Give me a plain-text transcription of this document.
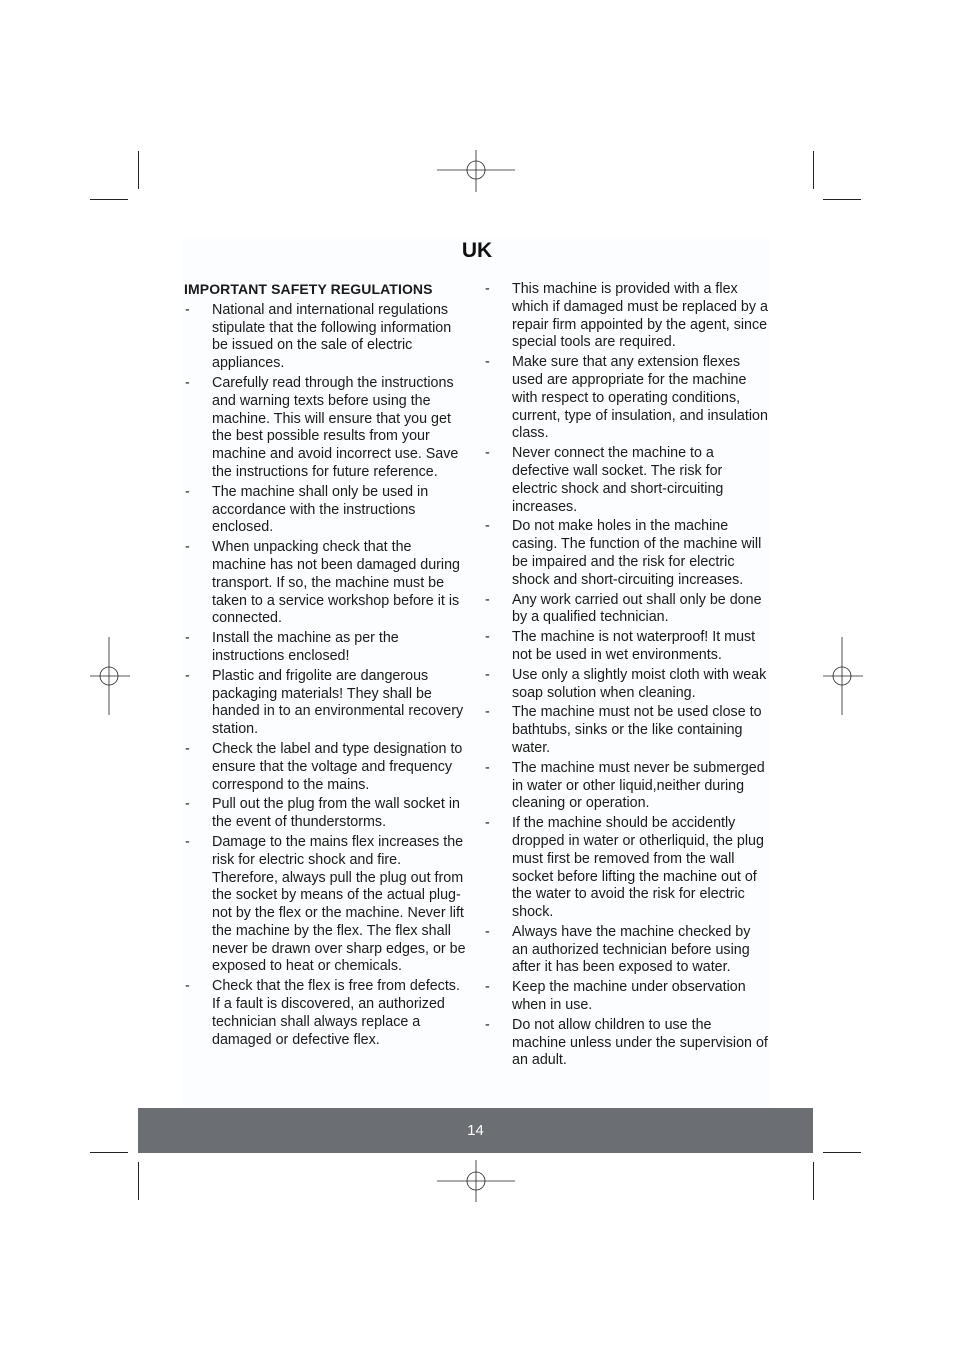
UK
IMPORTANT SAFETY REGULATIONS
- National and international regulations stipulate that the following information be issued on the sale of electric appliances.
- Carefully read through the instructions and warning texts before using the machine. This will ensure that you get the best possible results from your machine and avoid incorrect use. Save the instructions for future reference.
- The machine shall only be used in accordance with the instructions enclosed.
- When unpacking check that the machine has not been damaged during transport. If so, the machine must be taken to a service workshop before it is connected.
- Install the machine as per the instructions enclosed!
- Plastic and frigolite are dangerous packaging materials! They shall be handed in to an environmental recovery station.
- Check the label and type designation to ensure that the voltage and frequency correspond to the mains.
- Pull out the plug from the wall socket in the event of thunderstorms.
- Damage to the mains flex increases the risk for electric shock and fire. Therefore, always pull the plug out from the socket by means of the actual plug- not by the flex or the machine. Never lift the machine by the flex. The flex shall never be drawn over sharp edges, or be exposed to heat or chemicals.
- Check that the flex is free from defects. If a fault is discovered, an authorized technician shall always replace a damaged or defective flex.
- This machine is provided with a flex which if damaged must be replaced by a repair firm appointed by the agent, since special tools are required.
- Make sure that any extension flexes used are appropriate for the machine with respect to operating conditions, current, type of insulation, and insulation class.
- Never connect the machine to a defective wall socket. The risk for electric shock and short-circuiting increases.
- Do not make holes in the machine casing. The function of the machine will be impaired and the risk for electric shock and short-circuiting increases.
- Any work carried out shall only be done by a qualified technician.
- The machine is not waterproof! It must not be used in wet environments.
- Use only a slightly moist cloth with weak soap solution when cleaning.
- The machine must not be used close to bathtubs, sinks or the like containing water.
- The machine must never be submerged in water or other liquid,neither during cleaning or operation.
- If the machine should be accidently dropped in water or otherliquid, the plug must first be removed from the wall socket before lifting the machine out of the water to avoid the risk for electric shock.
- Always have the machine checked by an authorized technician before using after it has been exposed to water.
- Keep the machine under observation when in use.
- Do not allow children to use the machine unless under the supervision of an adult.
14
